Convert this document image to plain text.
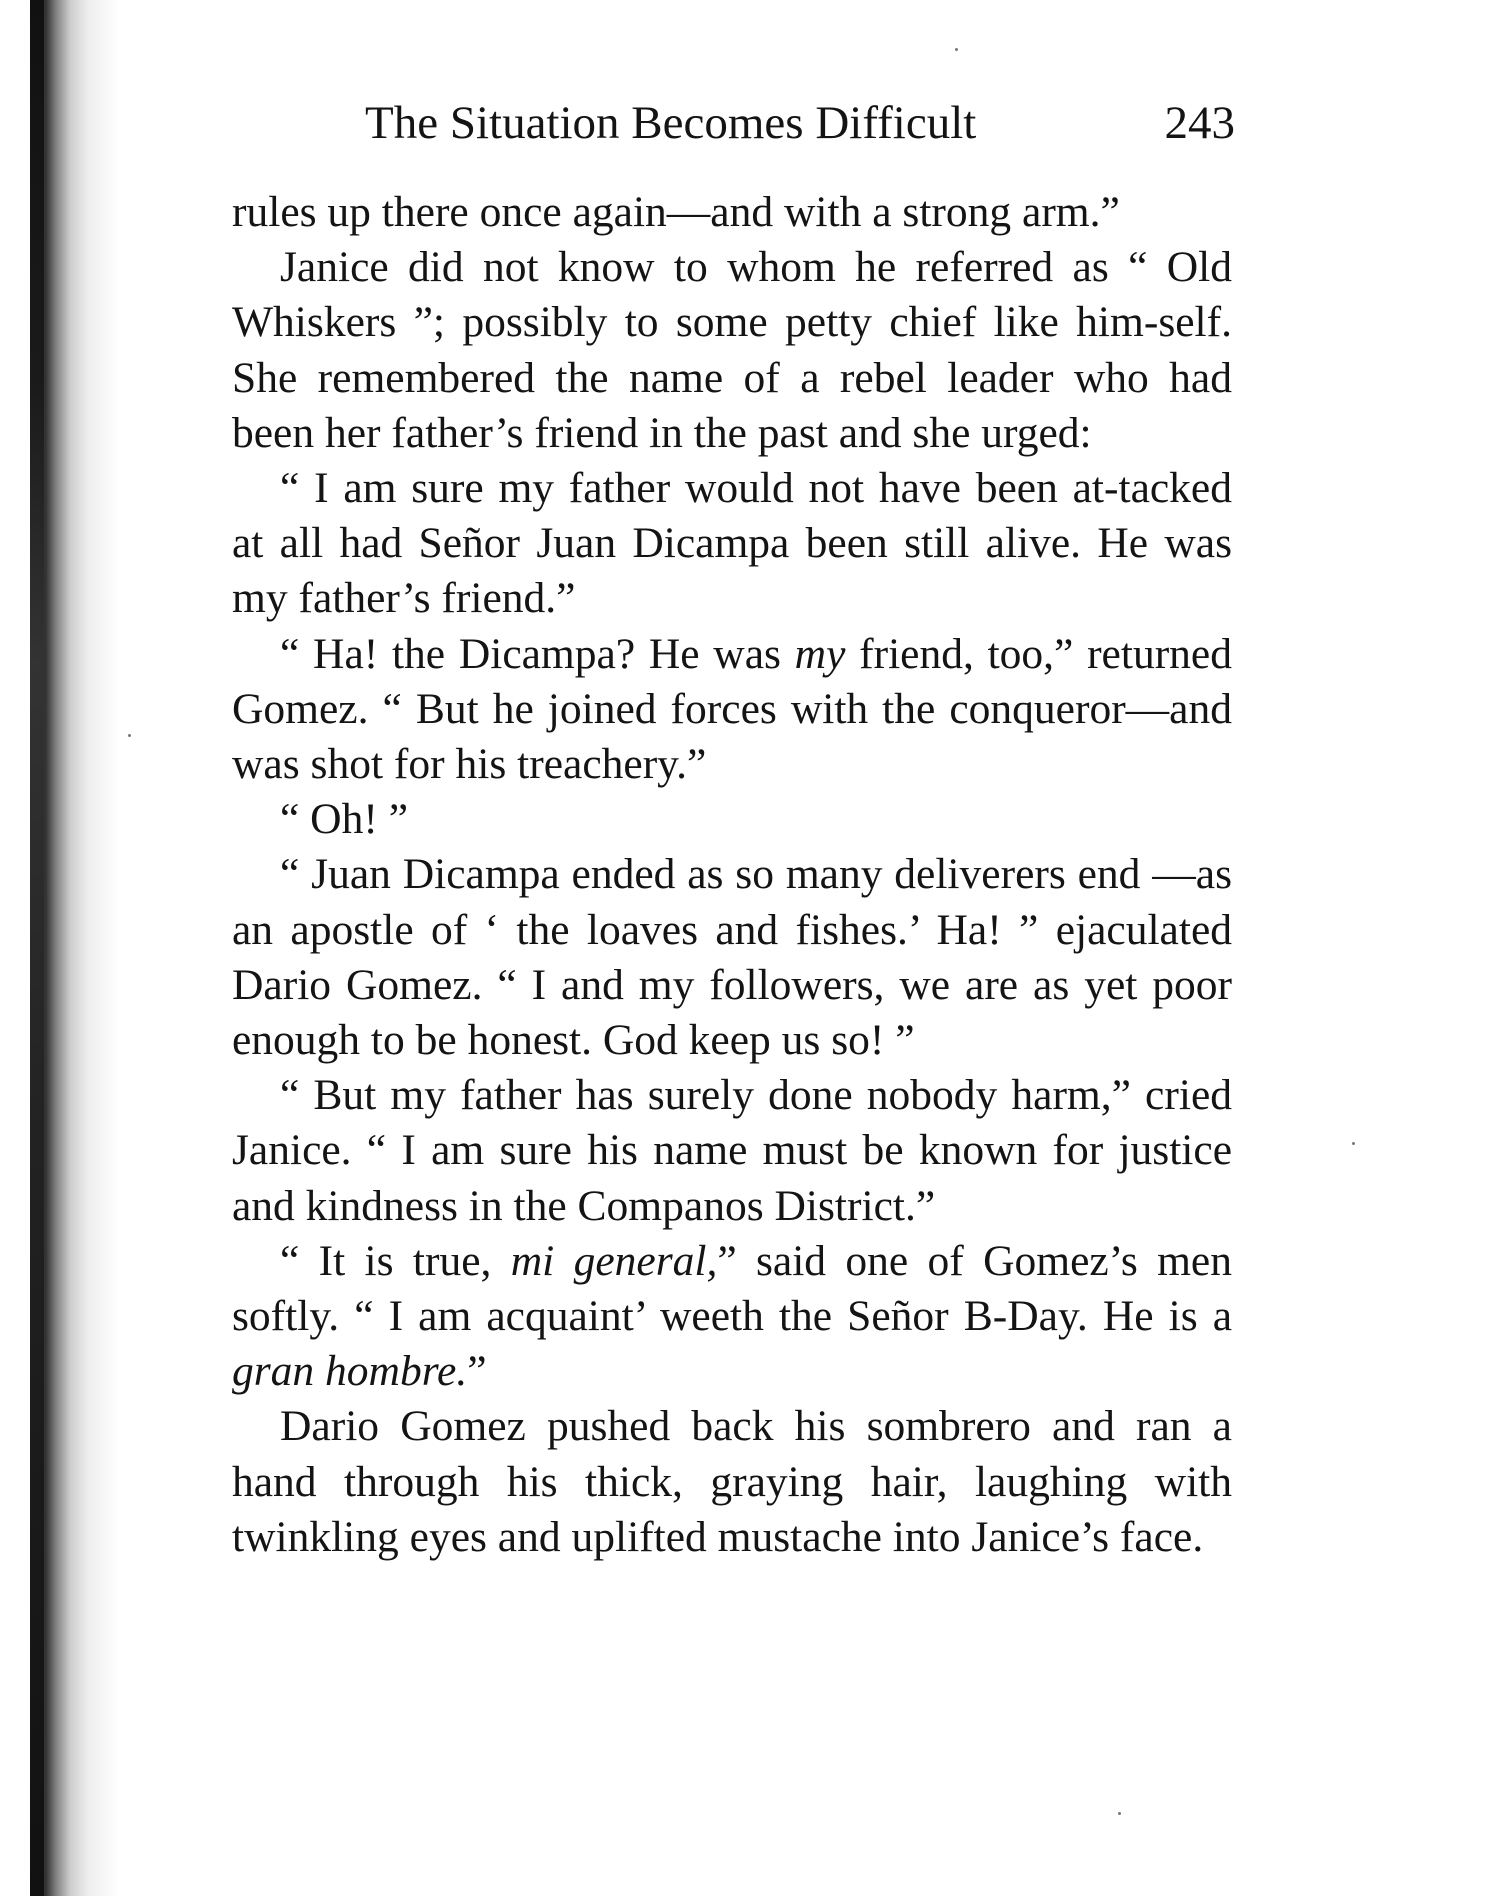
The Situation Becomes Difficult	243

rules up there once again—and with a strong arm.”

Janice did not know to whom he referred as “ Old Whiskers ”; possibly to some petty chief like him-self. She remembered the name of a rebel leader who had been her father’s friend in the past and she urged:

“ I am sure my father would not have been at-tacked at all had Señor Juan Dicampa been still alive. He was my father’s friend.”

“ Ha! the Dicampa? He was my friend, too,” returned Gomez. “ But he joined forces with the conqueror—and was shot for his treachery.”

“ Oh! ”

“ Juan Dicampa ended as so many deliverers end —as an apostle of ‘ the loaves and fishes.’ Ha! ” ejaculated Dario Gomez. “ I and my followers, we are as yet poor enough to be honest. God keep us so! ”

“ But my father has surely done nobody harm,” cried Janice. “ I am sure his name must be known for justice and kindness in the Companos District.”

“ It is true, mi general,” said one of Gomez’s men softly. “ I am acquaint’ weeth the Señor B-Day. He is a gran hombre.”

Dario Gomez pushed back his sombrero and ran a hand through his thick, graying hair, laughing with twinkling eyes and uplifted mustache into Janice’s face.
